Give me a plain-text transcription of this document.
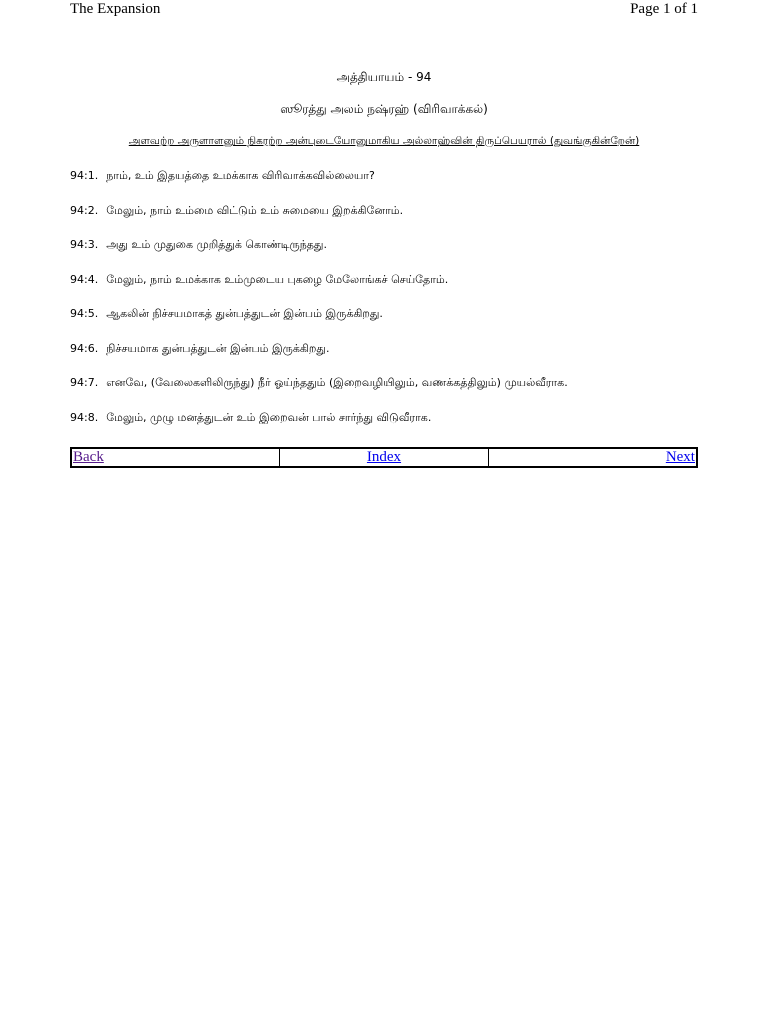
The Expansion	Page 1 of 1
அத்தியாயம் - 94
ஸூரத்து அலம் நஷ்ரஹ் (விரிவாக்கல்)
அளவற்ற அருளாளனும் நிகரற்ற அன்புடையோனுமாகிய அல்லாஹ்வின் திருப்பெயரால் (துவங்குகின்றேன்)
94:1. நாம், உம் இதயத்தை உமக்காக விரிவாக்கவில்லையா?
94:2. மேலும், நாம் உம்மை விட்டும் உம் சுமையை இறக்கினோம்.
94:3. அது உம் முதுகை முறித்துக் கொண்டிருந்தது.
94:4. மேலும், நாம் உமக்காக உம்முடைய புகழை மேலோங்கச் செய்தோம்.
94:5. ஆகலின் நிச்சயமாகத் துன்பத்துடன் இன்பம் இருக்கிறது.
94:6. நிச்சயமாக துன்பத்துடன் இன்பம் இருக்கிறது.
94:7. எனவே, (வேலைகளிலிருந்து) நீர் ஓய்ந்ததும் (இறைவழியிலும், வணக்கத்திலும்) முயல்வீராக.
94:8. மேலும், முழு மனத்துடன் உம் இறைவன் பால் சார்ந்து விடுவீராக.
Back	Index	Next
